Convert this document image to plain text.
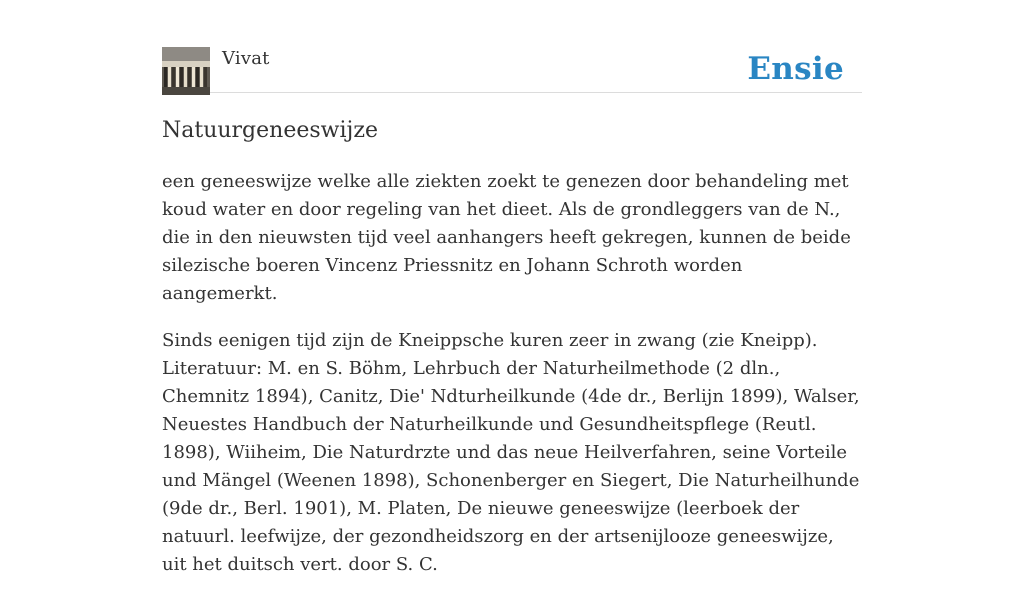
Vivat	Ensie
Natuurgeneeswijze

een geneeswijze welke alle ziekten zoekt te genezen door behandeling met koud water en door regeling van het dieet. Als de grondleggers van de N., die in den nieuwsten tijd veel aanhangers heeft gekregen, kunnen de beide silezische boeren Vincenz Priessnitz en Johann Schroth worden aangemerkt.

Sinds eenigen tijd zijn de Kneippsche kuren zeer in zwang (zie Kneipp). Literatuur: M. en S. Böhm, Lehrbuch der Naturheilmethode (2 dln., Chemnitz 1894), Canitz, Die' Ndturheilkunde (4de dr., Berlijn 1899), Walser, Neuestes Handbuch der Naturheilkunde und Gesundheitspflege (Reutl. 1898), Wiiheim, Die Naturdrzte und das neue Heilverfahren, seine Vorteile und Mängel (Weenen 1898), Schonenberger en Siegert, Die Naturheilhunde (9de dr., Berl. 1901), M. Platen, De nieuwe geneeswijze (leerboek der natuurl. leefwijze, der gezondheidszorg en der artsenijlooze geneeswijze, uit het duitsch vert. door S. C.
